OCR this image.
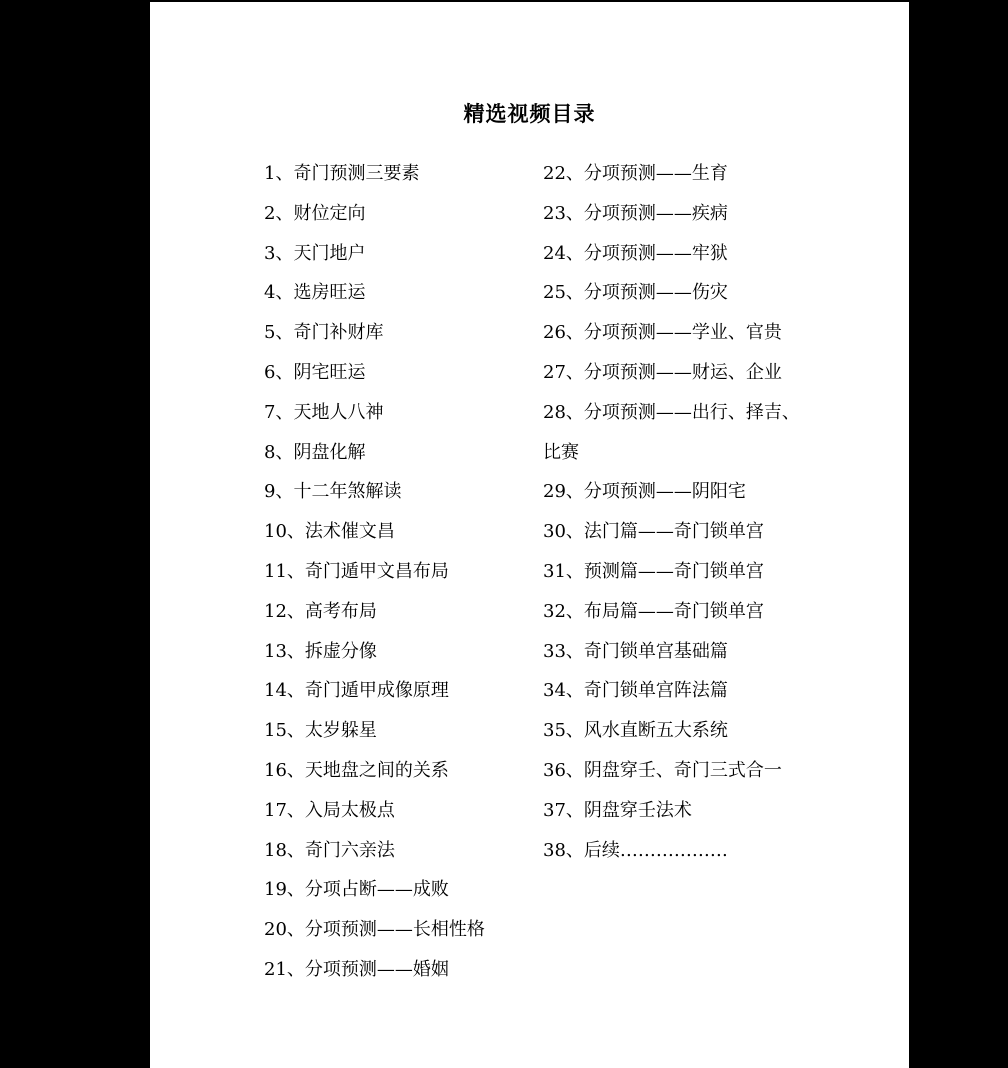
精选视频目录
1、奇门预测三要素
2、财位定向
3、天门地户
4、选房旺运
5、奇门补财库
6、阴宅旺运
7、天地人八神
8、阴盘化解
9、十二年煞解读
10、法术催文昌
11、奇门遁甲文昌布局
12、高考布局
13、拆虚分像
14、奇门遁甲成像原理
15、太岁躲星
16、天地盘之间的关系
17、入局太极点
18、奇门六亲法
19、分项占断——成败
20、分项预测——长相性格
21、分项预测——婚姻
22、分项预测——生育
23、分项预测——疾病
24、分项预测——牢狱
25、分项预测——伤灾
26、分项预测——学业、官贵
27、分项预测——财运、企业
28、分项预测——出行、择吉、
比赛
29、分项预测——阴阳宅
30、法门篇——奇门锁单宫
31、预测篇——奇门锁单宫
32、布局篇——奇门锁单宫
33、奇门锁单宫基础篇
34、奇门锁单宫阵法篇
35、风水直断五大系统
36、阴盘穿壬、奇门三式合一
37、阴盘穿壬法术
38、后续………………
